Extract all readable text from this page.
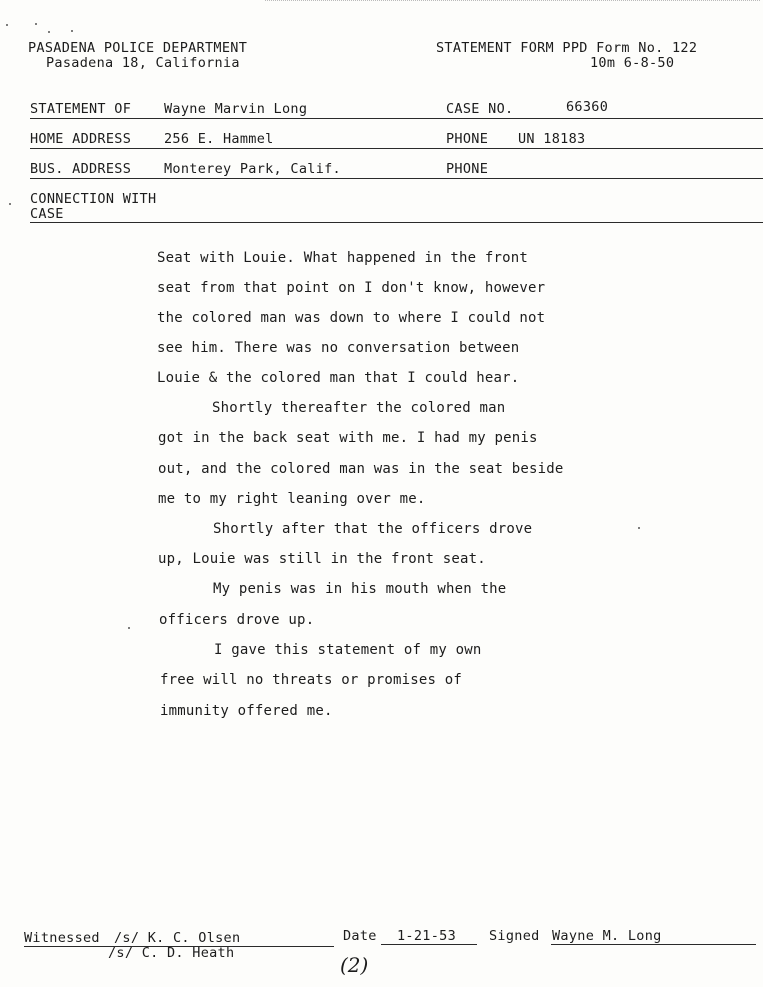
PASADENA POLICE DEPARTMENT
Pasadena 18, California
STATEMENT FORM PPD Form No. 122
10m 6-8-50
STATEMENT OF Wayne Marvin Long	CASE NO.	66360
HOME ADDRESS 256 E. Hammel	PHONE UN 18183
BUS. ADDRESS Monterey Park, Calif.	PHONE
CONNECTION WITH
CASE
Seat with Louie. What happened in the front
seat from that point on I don't know, however
the colored man was down to where I could not
see him. There was no conversation between
Louie & the colored man that I could hear.
Shortly thereafter the colored man
got in the back seat with me. I had my penis
out, and the colored man was in the seat beside
me to my right leaning over me.
Shortly after that the officers drove
up, Louie was still in the front seat.
My penis was in his mouth when the
officers drove up.
I gave this statement of my own
free will no threats or promises of
immunity offered me.
Witnessed /s/ K. C. Olsen
/s/ C. D. Heath
Date 1-21-53 Signed Wayne M. Long
(2)
